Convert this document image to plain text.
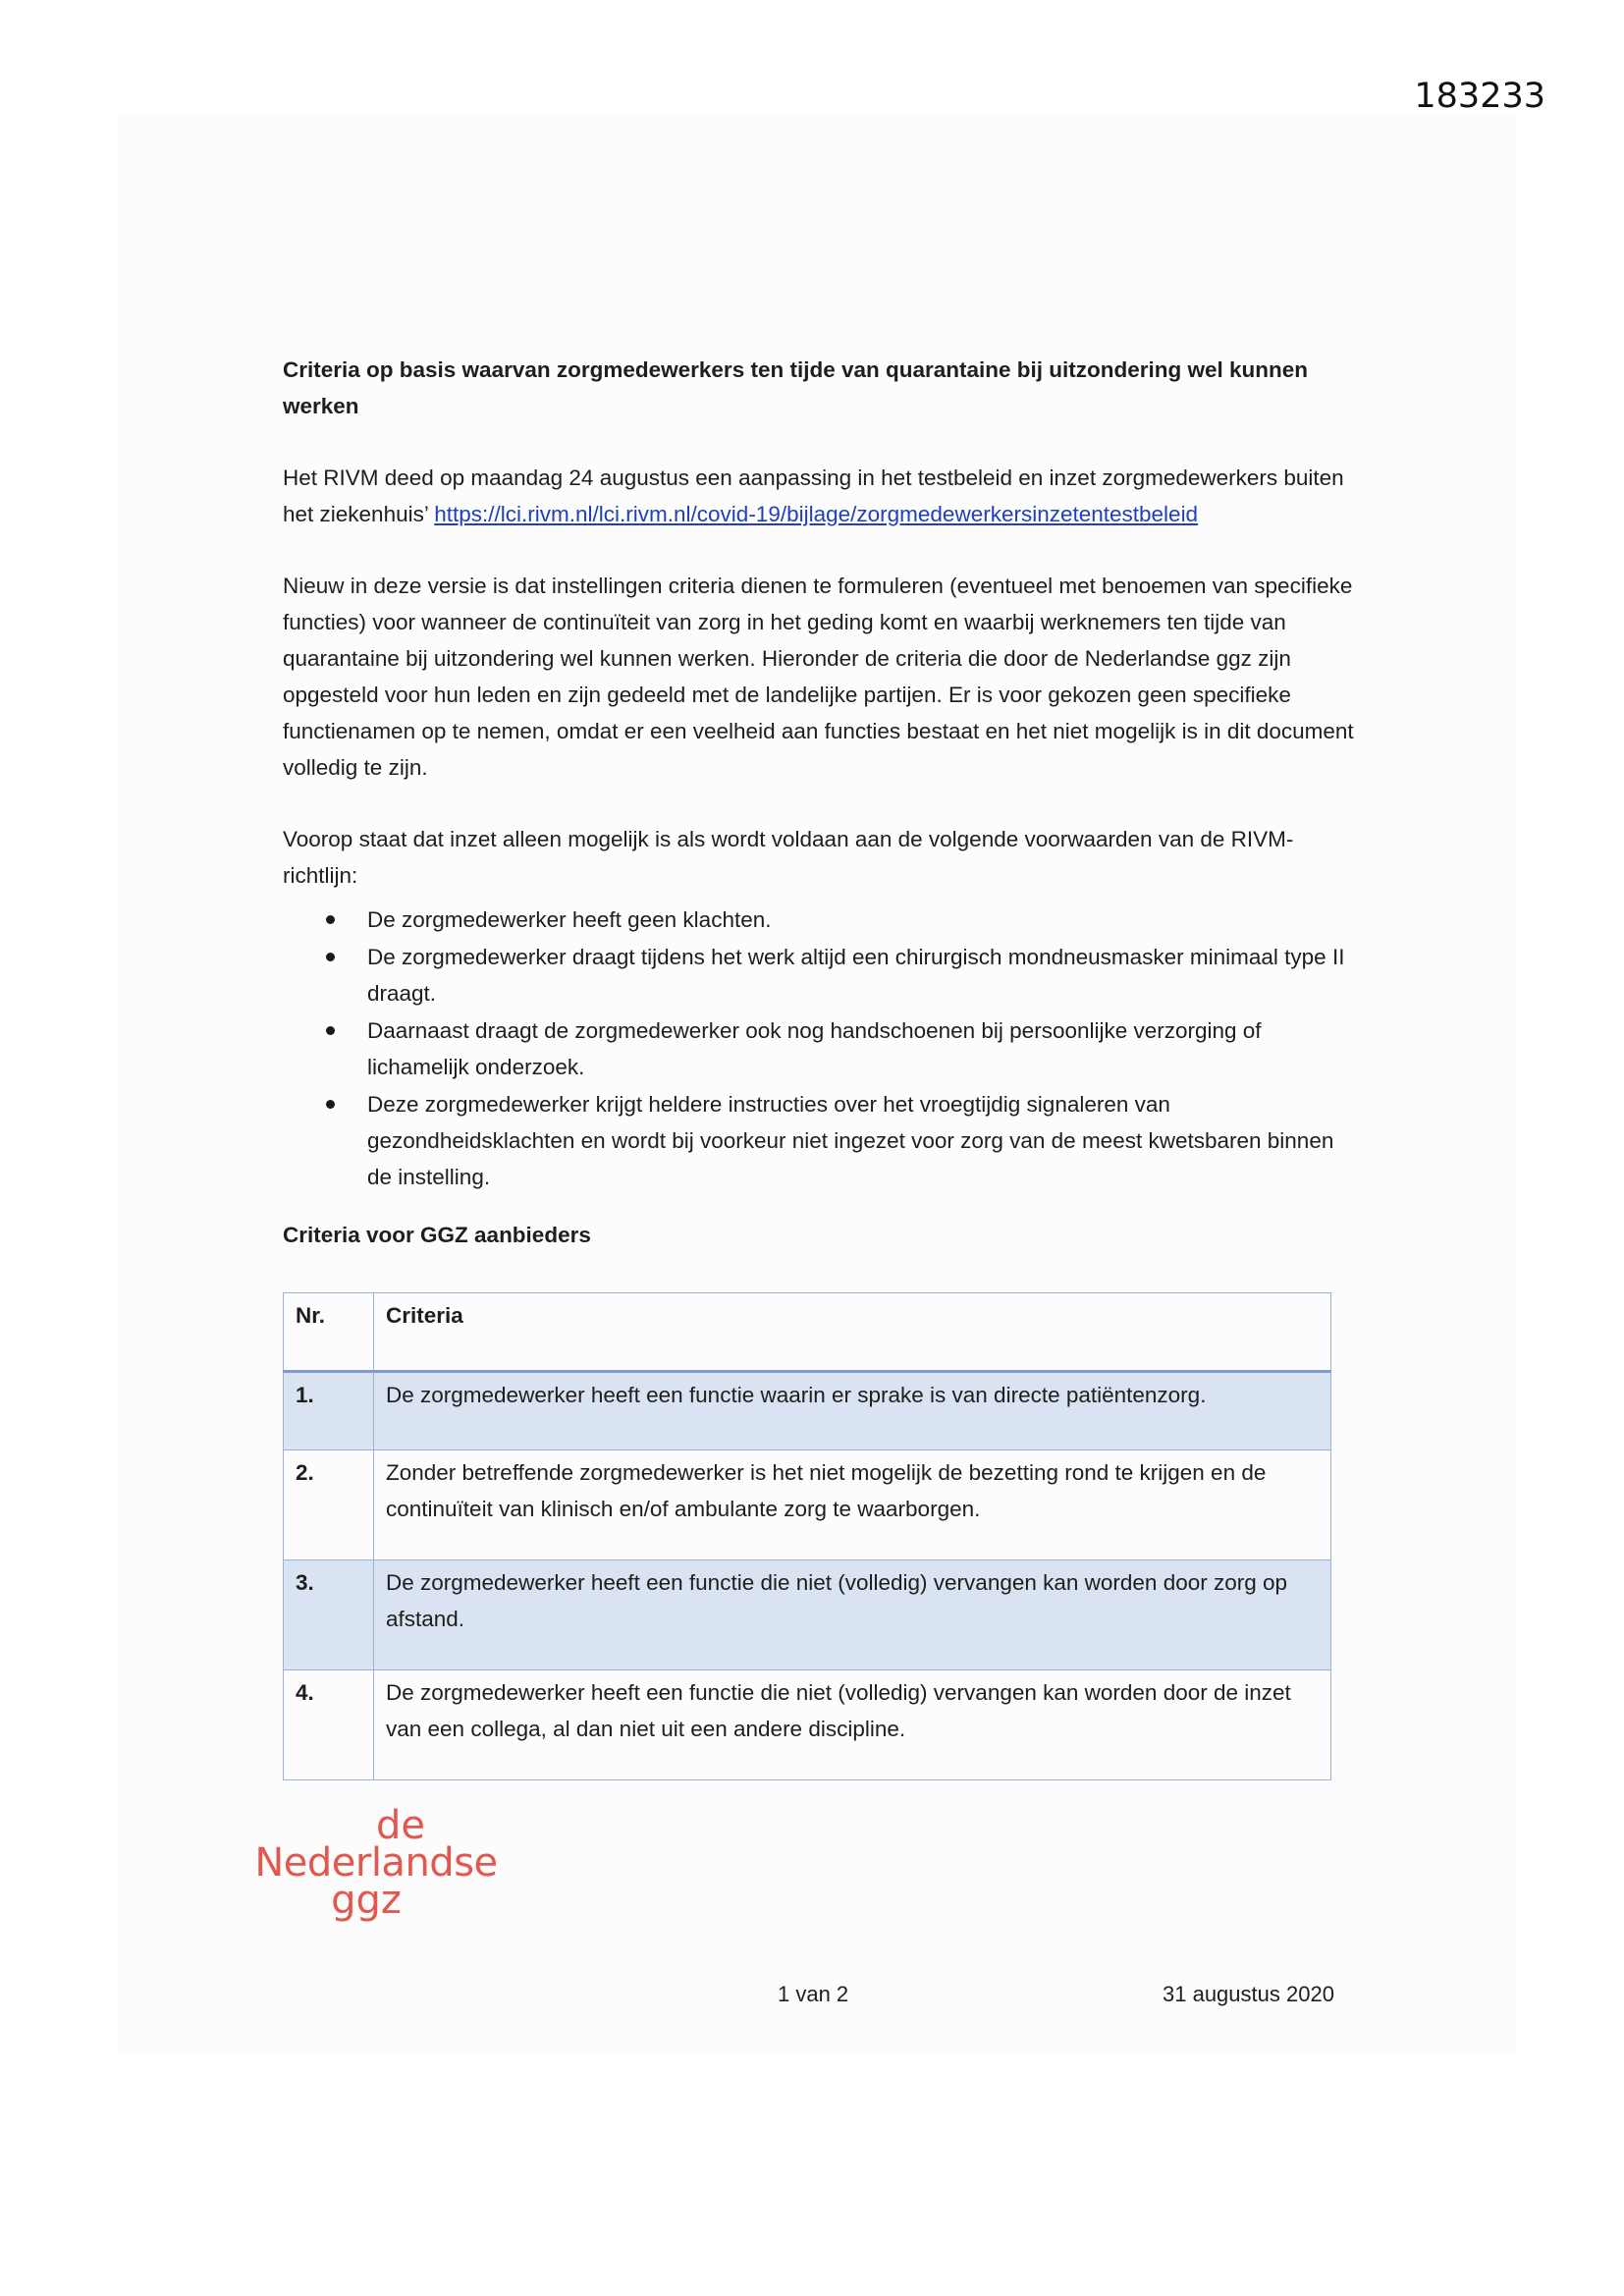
183233

Criteria op basis waarvan zorgmedewerkers ten tijde van quarantaine bij uitzondering wel kunnen werken

Het RIVM deed op maandag 24 augustus een aanpassing in het testbeleid en inzet zorgmedewerkers buiten het ziekenhuis’ https://lci.rivm.nl/lci.rivm.nl/covid-19/bijlage/zorgmedewerkersinzetentestbeleid

Nieuw in deze versie is dat instellingen criteria dienen te formuleren (eventueel met benoemen van specifieke functies) voor wanneer de continuïteit van zorg in het geding komt en waarbij werknemers ten tijde van quarantaine bij uitzondering wel kunnen werken. Hieronder de criteria die door de Nederlandse ggz zijn opgesteld voor hun leden en zijn gedeeld met de landelijke partijen. Er is voor gekozen geen specifieke functienamen op te nemen, omdat er een veelheid aan functies bestaat en het niet mogelijk is in dit document volledig te zijn.

Voorop staat dat inzet alleen mogelijk is als wordt voldaan aan de volgende voorwaarden van de RIVM-richtlijn:

De zorgmedewerker heeft geen klachten.
De zorgmedewerker draagt tijdens het werk altijd een chirurgisch mondneusmasker minimaal type II draagt.
Daarnaast draagt de zorgmedewerker ook nog handschoenen bij persoonlijke verzorging of lichamelijk onderzoek.
Deze zorgmedewerker krijgt heldere instructies over het vroegtijdig signaleren van gezondheidsklachten en wordt bij voorkeur niet ingezet voor zorg van de meest kwetsbaren binnen de instelling.

Criteria voor GGZ aanbieders

Nr.	Criteria
1.	De zorgmedewerker heeft een functie waarin er sprake is van directe patiëntenzorg.
2.	Zonder betreffende zorgmedewerker is het niet mogelijk de bezetting rond te krijgen en de continuïteit van klinisch en/of ambulante zorg te waarborgen.
3.	De zorgmedewerker heeft een functie die niet (volledig) vervangen kan worden door zorg op afstand.
4.	De zorgmedewerker heeft een functie die niet (volledig) vervangen kan worden door de inzet van een collega, al dan niet uit een andere discipline.
de
Nederlandse
ggz
1 van 2	31 augustus 2020
